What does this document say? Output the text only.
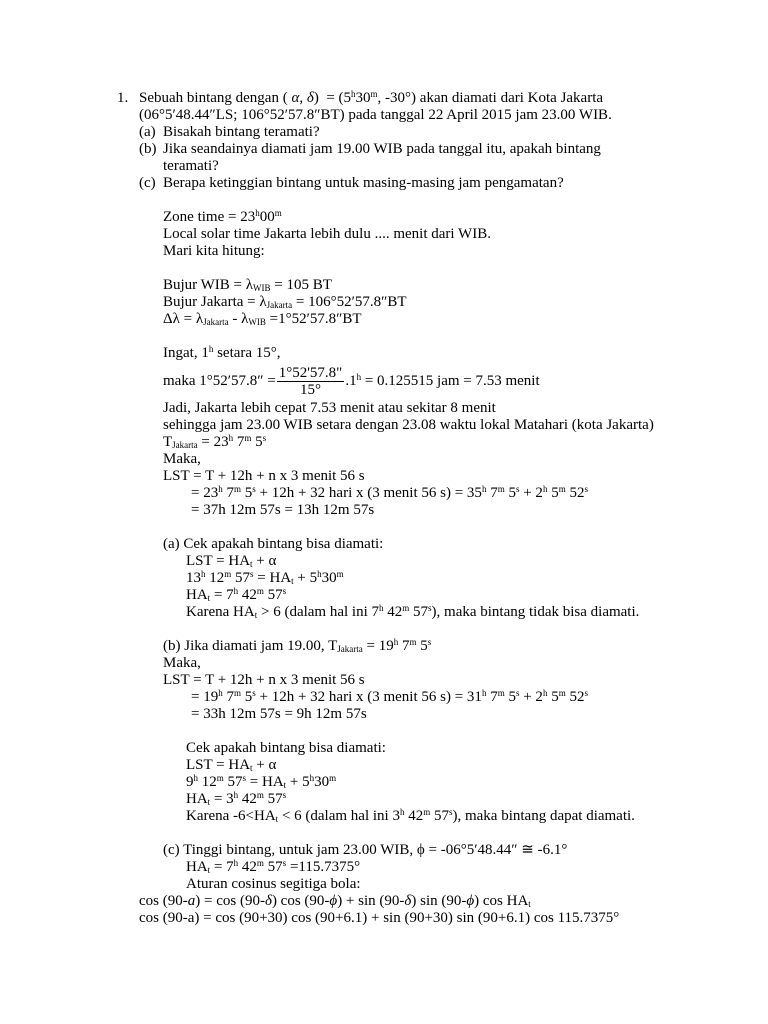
1. Sebuah bintang dengan ( α, $\delta) = (5^h30^m$, -30°) akan diamati dari Kota Jakarta
(06°5′48.44″LS; 106°52′57.8″BT) pada tanggal 22 April 2015 jam 23.00 WIB.
(a) Bisakah bintang teramati?
(b) Jika seandainya diamati jam 19.00 WIB pada tanggal itu, apakah bintang
teramati?
(c) Berapa ketinggian bintang untuk masing-masing jam pengamatan?
Zone time = $23^h00^m$
Local solar time Jakarta lebih dulu .... menit dari WIB.
Mari kita hitung:
Bujur WIB = $\lambda_{WIB} = 105$ BT
Bujur Jakarta = $\lambda_{Jakarta} = 106^\circ 52'57.8''BT$
$\Delta\lambda = \lambda_{Jakarta} - \lambda_{WIB} =1^\circ 52'57.8''BT$
Ingat, 1$^h$ setara 15°,
maka $1^\circ 52'57.8'' = \frac{1^\circ 52'57.8"}{15^\circ} .1^h = 0.125515$ jam = 7.53 menit
Jadi, Jakarta lebih cepat 7.53 menit atau sekitar 8 menit
sehingga jam 23.00 WIB setara dengan 23.08 waktu lokal Matahari (kota Jakarta)
$T_{Jakarta} = 23^h$ 7$^m$ 5$^s$
Maka,
LST = T + 12h + n x 3 menit 56 s
= $23^h$ 7$^m$ $5^s + 12h + 32$ hari x (3 menit 56 $s) = 35^h$ 7$^m$ $5^s + 2^h$ 5$^m$ $52^s$
= 37h 12m 57s = 13h 12m 57s
(a) Cek apakah bintang bisa diamati:
LST = $HA_t + \alpha$
13$^h$ 12$^m$ $57^s = HA_t + 5^h30^m$
$HA_t = 7^h$ 42$^m$ 57$^s$
Karena $HA_t > 6$ (dalam hal ini 7$^h$ 42$^m$ 57$^s$), maka bintang tidak bisa diamati.
(b) Jika diamati jam 19.00, $T_{Jakarta} = 19^h$ 7$^m$ 5$^s$
Maka,
LST = T + 12h + n x 3 menit 56 s
= $19^h$ 7$^m$ $5^s + 12h + 32$ hari x (3 menit 56 $s) = 31^h$ 7$^m$ $5^s + 2^h$ 5$^m$ $52^s$
= 33h 12m 57s = 9h 12m 57s
Cek apakah bintang bisa diamati:
LST = $HA_t + \alpha$
9$^h$ 12$^m$ $57^s = HA_t + 5^h30^m$
$HA_t = 3^h$ 42$^m$ 57$^s$
Karena $-6<HA_t < 6$ (dalam hal ini 3$^h$ 42$^m$ 57$^s$), maka bintang dapat diamati.
(c) Tinggi bintang, untuk jam 23.00 WIB, ϕ = -06°5′48.44″ ≅ -6.1°
$HA_t = 7^h$ 42$^m$ $57^s =115.7375^\circ$
Aturan cosinus segitiga bola:
cos (90-a) = cos (90-δ) cos (90-ϕ) + sin (90-δ) sin (90-ϕ) $\cos HA_t$
cos (90-a) = cos (90+30) cos (90+6.1) + sin (90+30) sin (90+6.1) cos 115.7375°
